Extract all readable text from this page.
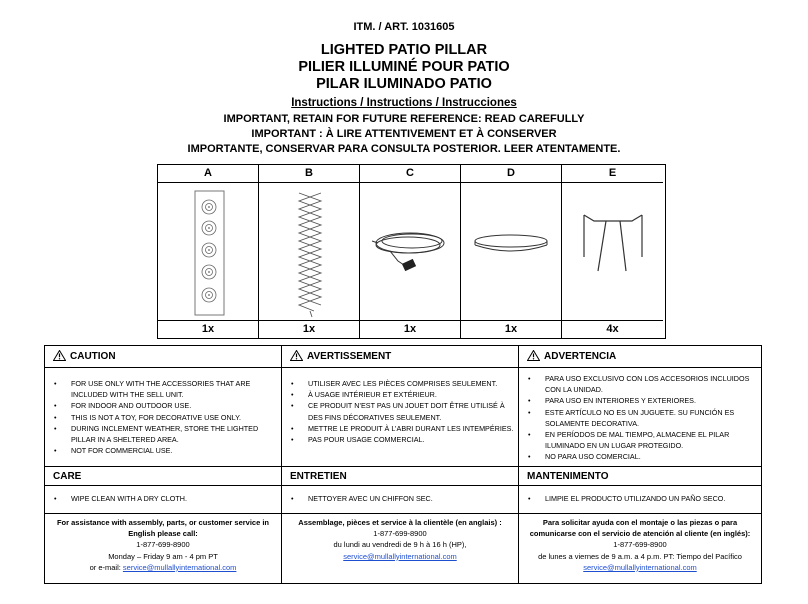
ITM. / ART. 1031605
LIGHTED PATIO PILLAR
PILIER ILLUMINÉ POUR PATIO
PILAR ILUMINADO PATIO
Instructions / Instructions / Instrucciones
IMPORTANT, RETAIN FOR FUTURE REFERENCE: READ CAREFULLY
IMPORTANT : À LIRE ATTENTIVEMENT ET À CONSERVER
IMPORTANTE, CONSERVAR PARA CONSULTA POSTERIOR. LEER ATENTAMENTE.
A
1x
B
1x
C
1x
D
1x
E
4x
CAUTION
• FOR USE ONLY WITH THE ACCESSORIES THAT ARE INCLUDED WITH THE SELL UNIT.
• FOR INDOOR AND OUTDOOR USE.
• THIS IS NOT A TOY, FOR DECORATIVE USE ONLY.
• DURING INCLEMENT WEATHER, STORE THE LIGHTED PILLAR IN A SHELTERED AREA.
• NOT FOR COMMERCIAL USE.
CARE
• WIPE CLEAN WITH A DRY CLOTH.
For assistance with assembly, parts, or customer service in English please call:
1-877-699-8900
Monday – Friday 9 am - 4 pm PT
or e-mail: service@mullallyinternational.com
AVERTISSEMENT
• UTILISER AVEC LES PIÈCES COMPRISES SEULEMENT.
• À USAGE INTÉRIEUR ET EXTÉRIEUR.
• CE PRODUIT N’EST PAS UN JOUET DOIT ÊTRE UTILISÉ À DES FINS DÉCORATIVES SEULEMENT.
• METTRE LE PRODUIT À L’ABRI DURANT LES INTEMPÉRIES.
• PAS POUR USAGE COMMERCIAL.
ENTRETIEN
• NETTOYER AVEC UN CHIFFON SEC.
Assemblage, pièces et service à la clientèle (en anglais) :
1-877-699-8900
du lundi au vendredi de 9 h à 16 h (HP),
service@mullallyinternational.com
ADVERTENCIA
• PARA USO EXCLUSIVO CON LOS ACCESORIOS INCLUIDOS CON LA UNIDAD.
• PARA USO EN INTERIORES Y EXTERIORES.
• ESTE ARTÍCULO NO ES UN JUGUETE. SU FUNCIÓN ES SOLAMENTE DECORATIVA.
• EN PERÍODOS DE MAL TIEMPO, ALMACENE EL PILAR ILUMINADO EN UN LUGAR PROTEGIDO.
• NO PARA USO COMERCIAL.
MANTENIMENTO
• LIMPIE EL PRODUCTO UTILIZANDO UN PAÑO SECO.
Para solicitar ayuda con el montaje o las piezas o para comunicarse con el servicio de atención al cliente (en inglés):
1-877-699-8900
de lunes a viernes de 9 a.m. a 4 p.m. PT: Tiempo del Pacífico
service@mullallyinternational.com
